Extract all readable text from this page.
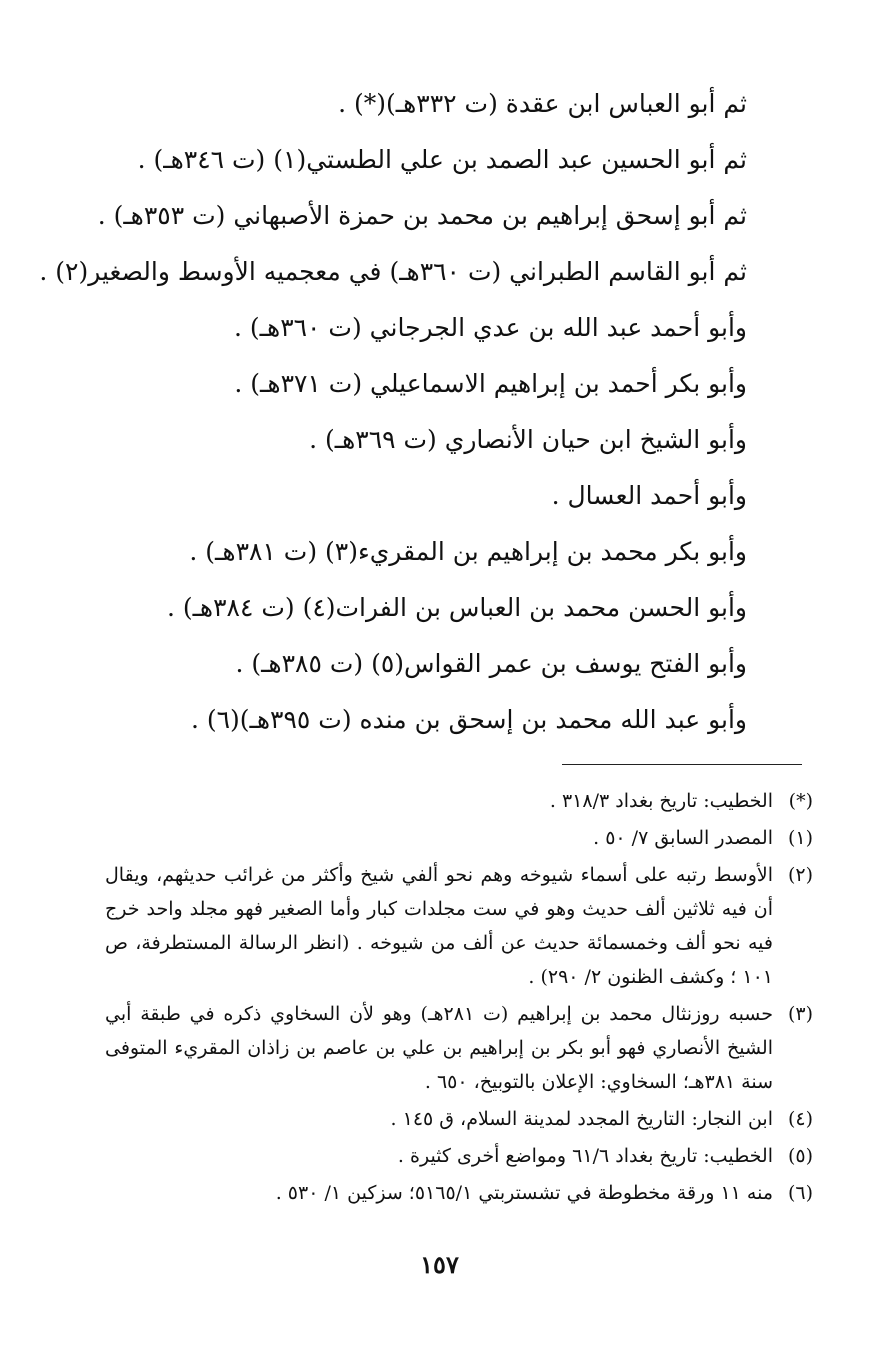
ثم أبو العباس ابن عقدة (ت ٣٣٢هـ)(*) .
ثم أبو الحسين عبد الصمد بن علي الطستي(١) (ت ٣٤٦هـ) .
ثم أبو إسحق إبراهيم بن محمد بن حمزة الأصبهاني (ت ٣٥٣هـ) .
ثم أبو القاسم الطبراني (ت ٣٦٠هـ) في معجميه الأوسط والصغير(٢) .
وأبو أحمد عبد الله بن عدي الجرجاني (ت ٣٦٠هـ) .
وأبو بكر أحمد بن إبراهيم الاسماعيلي (ت ٣٧١هـ) .
وأبو الشيخ ابن حيان الأنصاري (ت ٣٦٩هـ) .
وأبو أحمد العسال .
وأبو بكر محمد بن إبراهيم بن المقريء(٣) (ت ٣٨١هـ) .
وأبو الحسن محمد بن العباس بن الفرات(٤) (ت ٣٨٤هـ) .
وأبو الفتح يوسف بن عمر القواس(٥) (ت ٣٨٥هـ) .
وأبو عبد الله محمد بن إسحق بن منده (ت ٣٩٥هـ)(٦) .
(*)
الخطيب: تاريخ بغداد ٣١٨/٣ .
(١)
المصدر السابق ٧/ ٥٠ .
(٢)
الأوسط رتبه على أسماء شيوخه وهم نحو ألفي شيخ وأكثر من غرائب حديثهم، ويقال أن فيه ثلاثين ألف حديث وهو في ست مجلدات كبار وأما الصغير فهو مجلد واحد خرج فيه نحو ألف وخمسمائة حديث عن ألف من شيوخه . (انظر الرسالة المستطرفة، ص ١٠١ ؛ وكشف الظنون ٢/ ٢٩٠) .
(٣)
حسبه روزنثال محمد بن إبراهيم (ت ٢٨١هـ) وهو لأن السخاوي ذكره في طبقة أبي الشيخ الأنصاري فهو أبو بكر بن إبراهيم بن علي بن عاصم بن زاذان المقريء المتوفى سنة ٣٨١هـ؛ السخاوي: الإعلان بالتوبيخ، ٦٥٠ .
(٤)
ابن النجار: التاريخ المجدد لمدينة السلام، ق ١٤٥ .
(٥)
الخطيب: تاريخ بغداد ٦١/٦ ومواضع أخرى كثيرة .
(٦)
منه ١١ ورقة مخطوطة في تشستربتي ٥١٦٥/١؛ سزكين ١/ ٥٣٠ .
١٥٧
